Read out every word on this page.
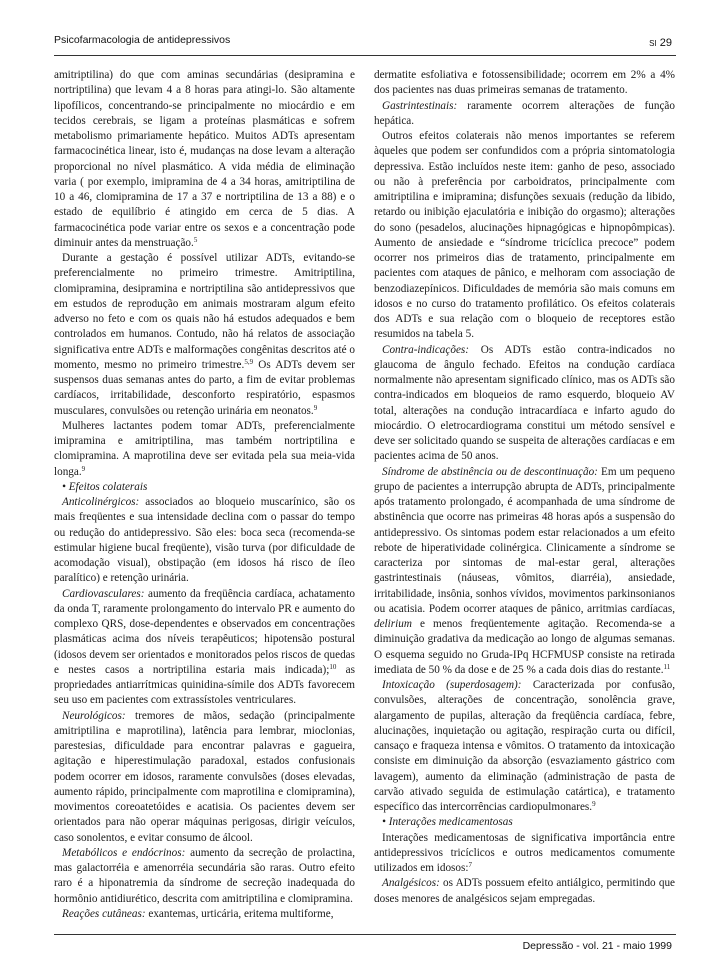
Psicofarmacologia de antidepressivos	SI 29

amitriptilina) do que com aminas secundárias (desipramina e nortriptilina) que levam 4 a 8 horas para atingi-lo. São altamente lipofílicos, concentrando-se principalmente no miocárdio e em tecidos cerebrais, se ligam a proteínas plasmáticas e sofrem metabolismo primariamente hepático. Muitos ADTs apresentam farmacocinética linear, isto é, mudanças na dose levam a alteração proporcional no nível plasmático. A vida média de eliminação varia ( por exemplo, imipramina de 4 a 34 horas, amitriptilina de 10 a 46, clomipramina de 17 a 37 e nortriptilina de 13 a 88) e o estado de equilíbrio é atingido em cerca de 5 dias. A farmacocinética pode variar entre os sexos e a concentração pode diminuir antes da menstruação.$^5$

Durante a gestação é possível utilizar ADTs, evitando-se preferencialmente no primeiro trimestre. Amitriptilina, clomipramina, desipramina e nortriptilina são antidepressivos que em estudos de reprodução em animais mostraram algum efeito adverso no feto e com os quais não há estudos adequados e bem controlados em humanos. Contudo, não há relatos de associação significativa entre ADTs e malformações congênitas descritos até o momento, mesmo no primeiro trimestre.$^{5,9}$ Os ADTs devem ser suspensos duas semanas antes do parto, a fim de evitar problemas cardíacos, irritabilidade, desconforto respiratório, espasmos musculares, convulsões ou retenção urinária em neonatos.$^9$

Mulheres lactantes podem tomar ADTs, preferencialmente imipramina e amitriptilina, mas também nortriptilina e clomipramina. A maprotilina deve ser evitada pela sua meia-vida longa.$^9$

• Efeitos colaterais

Anticolinérgicos: associados ao bloqueio muscarínico, são os mais freqüentes e sua intensidade declina com o passar do tempo ou redução do antidepressivo. São eles: boca seca (recomenda-se estimular higiene bucal freqüente), visão turva (por dificuldade de acomodação visual), obstipação (em idosos há risco de íleo paralítico) e retenção urinária.

Cardiovasculares: aumento da freqüência cardíaca, achatamento da onda T, raramente prolongamento do intervalo PR e aumento do complexo QRS, dose-dependentes e observados em concentrações plasmáticas acima dos níveis terapêuticos; hipotensão postural (idosos devem ser orientados e monitorados pelos riscos de quedas e nestes casos a nortriptilina estaria mais indicada);$^{10}$ as propriedades antiarrítmicas quinidina-símile dos ADTs favorecem seu uso em pacientes com extrassístoles ventriculares.

Neurológicos: tremores de mãos, sedação (principalmente amitriptilina e maprotilina), latência para lembrar, mioclonias, parestesias, dificuldade para encontrar palavras e gagueira, agitação e hiperestimulação paradoxal, estados confusionais podem ocorrer em idosos, raramente convulsões (doses elevadas, aumento rápido, principalmente com maprotilina e clomipramina), movimentos coreoatetóides e acatisia. Os pacientes devem ser orientados para não operar máquinas perigosas, dirigir veículos, caso sonolentos, e evitar consumo de álcool.

Metabólicos e endócrinos: aumento da secreção de prolactina, mas galactorréia e amenorréia secundária são raras. Outro efeito raro é a hiponatremia da síndrome de secreção inadequada do hormônio antidiurético, descrita com amitriptilina e clomipramina.

Reações cutâneas: exantemas, urticária, eritema multiforme,

dermatite esfoliativa e fotossensibilidade; ocorrem em 2% a 4% dos pacientes nas duas primeiras semanas de tratamento.

Gastrintestinais: raramente ocorrem alterações de função hepática.

Outros efeitos colaterais não menos importantes se referem àqueles que podem ser confundidos com a própria sintomatologia depressiva. Estão incluídos neste item: ganho de peso, associado ou não à preferência por carboidratos, principalmente com amitriptilina e imipramina; disfunções sexuais (redução da libido, retardo ou inibição ejaculatória e inibição do orgasmo); alterações do sono (pesadelos, alucinações hipnagógicas e hipnopômpicas). Aumento de ansiedade e “síndrome tricíclica precoce” podem ocorrer nos primeiros dias de tratamento, principalmente em pacientes com ataques de pânico, e melhoram com associação de benzodiazepínicos. Dificuldades de memória são mais comuns em idosos e no curso do tratamento profilático. Os efeitos colaterais dos ADTs e sua relação com o bloqueio de receptores estão resumidos na tabela 5.

Contra-indicações: Os ADTs estão contra-indicados no glaucoma de ângulo fechado. Efeitos na condução cardíaca normalmente não apresentam significado clínico, mas os ADTs são contra-indicados em bloqueios de ramo esquerdo, bloqueio AV total, alterações na condução intracardíaca e infarto agudo do miocárdio. O eletrocardiograma constitui um método sensível e deve ser solicitado quando se suspeita de alterações cardíacas e em pacientes acima de 50 anos.

Síndrome de abstinência ou de descontinuação: Em um pequeno grupo de pacientes a interrupção abrupta de ADTs, principalmente após tratamento prolongado, é acompanhada de uma síndrome de abstinência que ocorre nas primeiras 48 horas após a suspensão do antidepressivo. Os sintomas podem estar relacionados a um efeito rebote de hiperatividade colinérgica. Clinicamente a síndrome se caracteriza por sintomas de mal-estar geral, alterações gastrintestinais (náuseas, vômitos, diarréia), ansiedade, irritabilidade, insônia, sonhos vívidos, movimentos parkinsonianos ou acatisia. Podem ocorrer ataques de pânico, arritmias cardíacas, delirium e menos freqüentemente agitação. Recomenda-se a diminuição gradativa da medicação ao longo de algumas semanas. O esquema seguido no Gruda-IPq HCFMUSP consiste na retirada imediata de 50 % da dose e de 25 % a cada dois dias do restante.$^{11}$

Intoxicação (superdosagem): Caracterizada por confusão, convulsões, alterações de concentração, sonolência grave, alargamento de pupilas, alteração da freqüência cardíaca, febre, alucinações, inquietação ou agitação, respiração curta ou difícil, cansaço e fraqueza intensa e vômitos. O tratamento da intoxicação consiste em diminuição da absorção (esvaziamento gástrico com lavagem), aumento da eliminação (administração de pasta de carvão ativado seguida de estimulação catártica), e tratamento específico das intercorrências cardiopulmonares.$^9$

• Interações medicamentosas

Interações medicamentosas de significativa importância entre antidepressivos tricíclicos e outros medicamentos comumente utilizados em idosos:$^7$

Analgésicos: os ADTs possuem efeito antiálgico, permitindo que doses menores de analgésicos sejam empregadas.

Depressão - vol. 21 - maio 1999
